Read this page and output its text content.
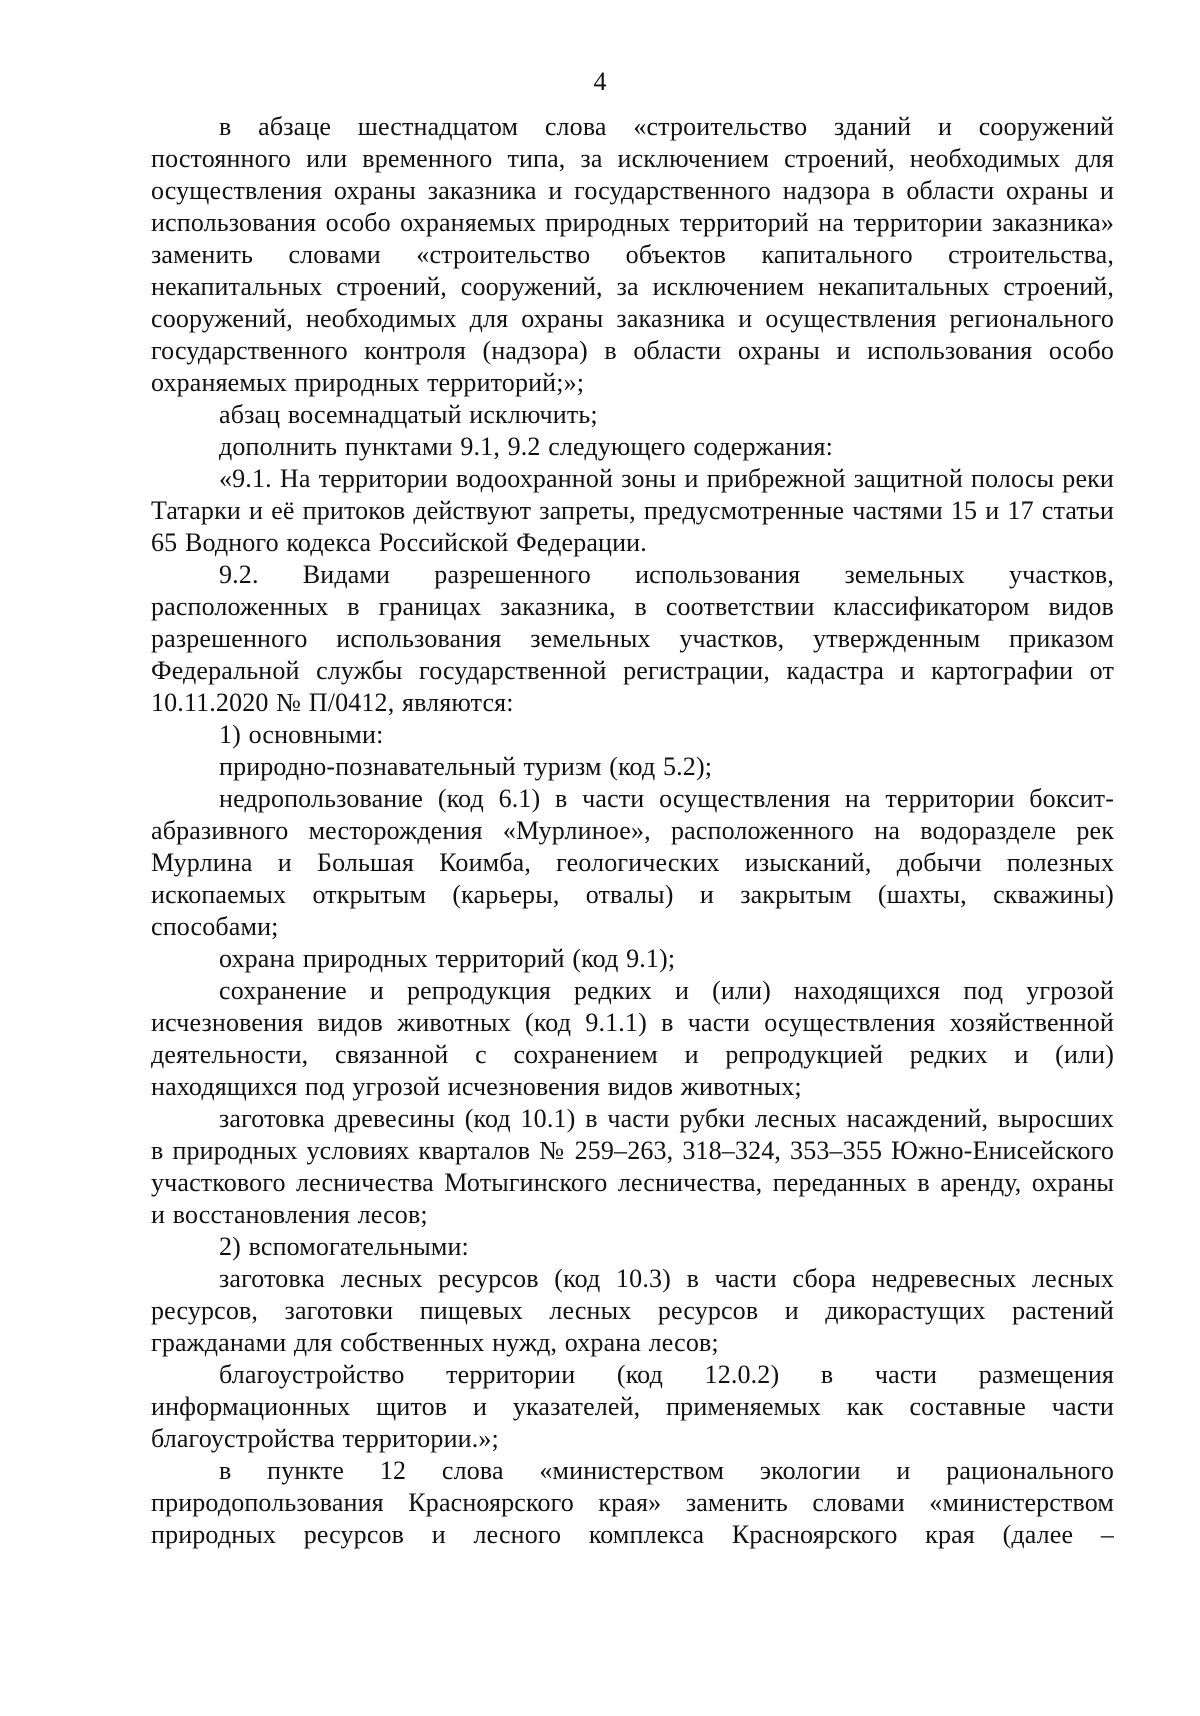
4

в абзаце шестнадцатом слова «строительство зданий и сооружений постоянного или временного типа, за исключением строений, необходимых для осуществления охраны заказника и государственного надзора в области охраны и использования особо охраняемых природных территорий на территории заказника» заменить словами «строительство объектов капитального строительства, некапитальных строений, сооружений, за исключением некапитальных строений, сооружений, необходимых для охраны заказника и осуществления регионального государственного контроля (надзора) в области охраны и использования особо охраняемых природных территорий;»;

абзац восемнадцатый исключить;

дополнить пунктами 9.1, 9.2 следующего содержания:

«9.1. На территории водоохранной зоны и прибрежной защитной полосы реки Татарки и её притоков действуют запреты, предусмотренные частями 15 и 17 статьи 65 Водного кодекса Российской Федерации.

9.2. Видами разрешенного использования земельных участков, расположенных в границах заказника, в соответствии классификатором видов разрешенного использования земельных участков, утвержденным приказом Федеральной службы государственной регистрации, кадастра и картографии от 10.11.2020 № П/0412, являются:

1) основными:

природно-познавательный туризм (код 5.2);

недропользование (код 6.1) в части осуществления на территории боксит-абразивного месторождения «Мурлиное», расположенного на водоразделе рек Мурлина и Большая Коимба, геологических изысканий, добычи полезных ископаемых открытым (карьеры, отвалы) и закрытым (шахты, скважины) способами;

охрана природных территорий (код 9.1);

сохранение и репродукция редких и (или) находящихся под угрозой исчезновения видов животных (код 9.1.1) в части осуществления хозяйственной деятельности, связанной с сохранением и репродукцией редких и (или) находящихся под угрозой исчезновения видов животных;

заготовка древесины (код 10.1) в части рубки лесных насаждений, выросших в природных условиях кварталов № 259–263, 318–324, 353–355 Южно-Енисейского участкового лесничества Мотыгинского лесничества, переданных в аренду, охраны и восстановления лесов;

2) вспомогательными:

заготовка лесных ресурсов (код 10.3) в части сбора недревесных лесных ресурсов, заготовки пищевых лесных ресурсов и дикорастущих растений гражданами для собственных нужд, охрана лесов;

благоустройство территории (код 12.0.2) в части размещения информационных щитов и указателей, применяемых как составные части благоустройства территории.»;

в пункте 12 слова «министерством экологии и рационального природопользования Красноярского края» заменить словами «министерством природных ресурсов и лесного комплекса Красноярского края (далее –
